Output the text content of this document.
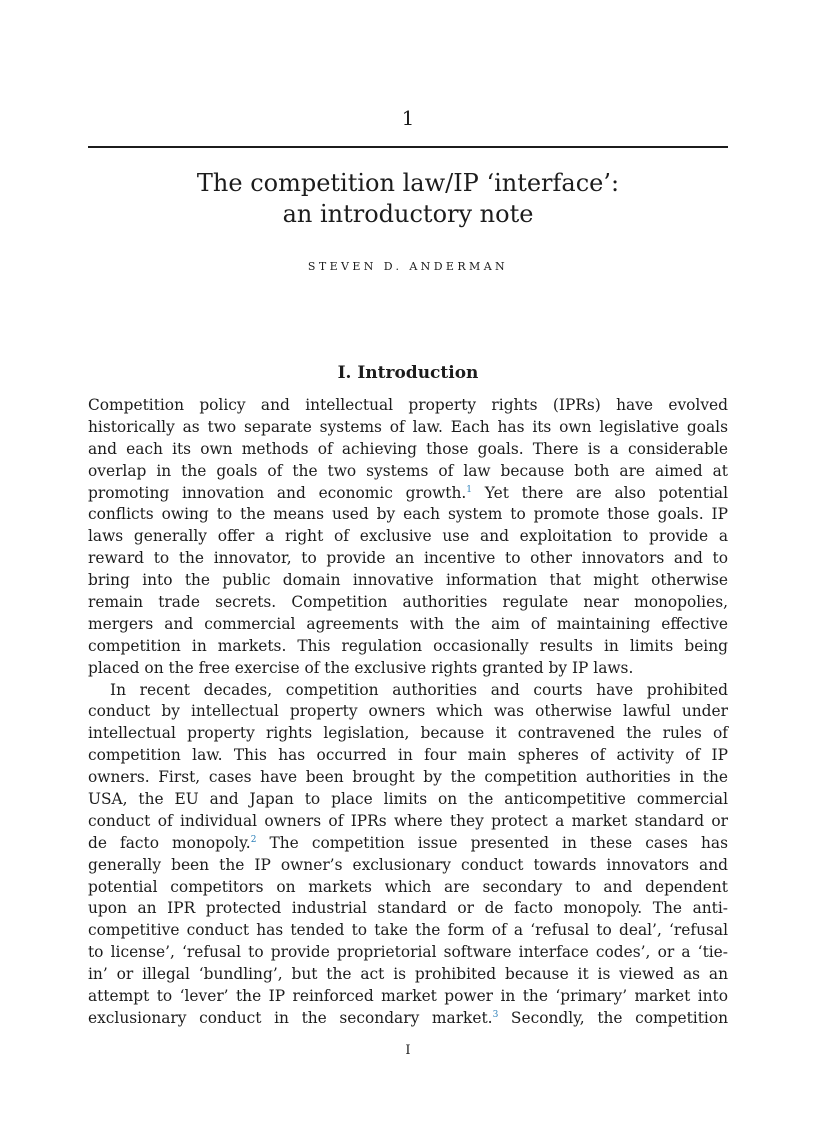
1
The competition law/IP ‘interface’:
an introductory note
STEVEN D. ANDERMAN
I. Introduction

Competition policy and intellectual property rights (IPRs) have evolved
historically as two separate systems of law. Each has its own legislative goals
and each its own methods of achieving those goals. There is a considerable
overlap in the goals of the two systems of law because both are aimed at
promoting innovation and economic growth.$^1$ Yet there are also potential
conflicts owing to the means used by each system to promote those goals. IP
laws generally offer a right of exclusive use and exploitation to provide a
reward to the innovator, to provide an incentive to other innovators and to
bring into the public domain innovative information that might otherwise
remain trade secrets. Competition authorities regulate near monopolies,
mergers and commercial agreements with the aim of maintaining effective
competition in markets. This regulation occasionally results in limits being
placed on the free exercise of the exclusive rights granted by IP laws.

In recent decades, competition authorities and courts have prohibited
conduct by intellectual property owners which was otherwise lawful under
intellectual property rights legislation, because it contravened the rules of
competition law. This has occurred in four main spheres of activity of IP
owners. First, cases have been brought by the competition authorities in the
USA, the EU and Japan to place limits on the anticompetitive commercial
conduct of individual owners of IPRs where they protect a market standard or
de facto monopoly.$^2$ The competition issue presented in these cases has
generally been the IP owner’s exclusionary conduct towards innovators and
potential competitors on markets which are secondary to and dependent
upon an IPR protected industrial standard or de facto monopoly. The anti-
competitive conduct has tended to take the form of a ‘refusal to deal’, ‘refusal
to license’, ‘refusal to provide proprietorial software interface codes’, or a ‘tie-
in’ or illegal ‘bundling’, but the act is prohibited because it is viewed as an
attempt to ‘lever’ the IP reinforced market power in the ‘primary’ market into
exclusionary conduct in the secondary market.$^3$ Secondly, the competition

I
